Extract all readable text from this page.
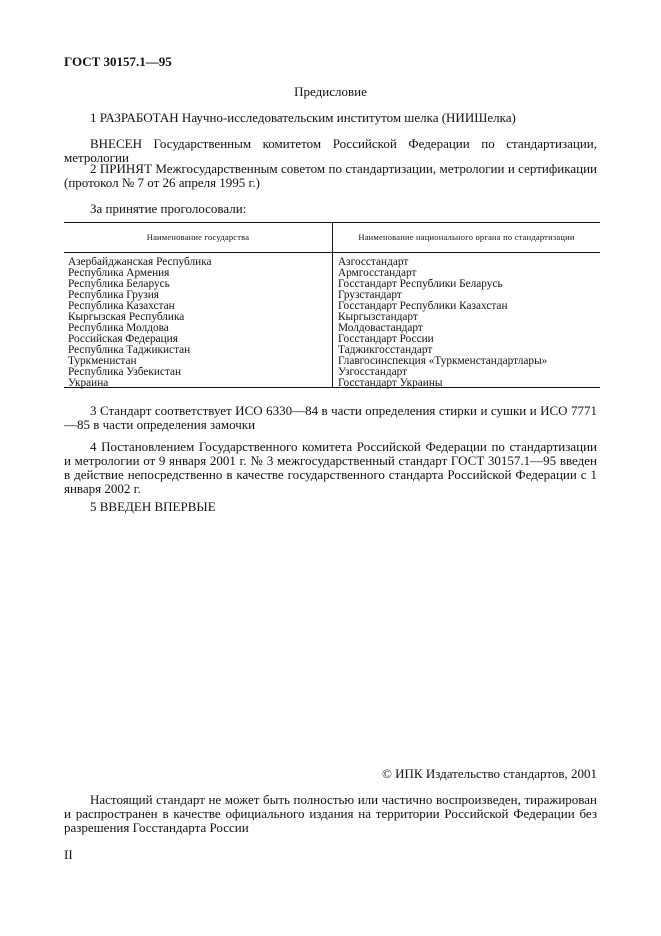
ГОСТ 30157.1—95
Предисловие
1 РАЗРАБОТАН Научно-исследовательским институтом шелка (НИИШелка)
ВНЕСЕН Государственным комитетом Российской Федерации по стандартизации, метрологии
2 ПРИНЯТ Межгосударственным советом по стандартизации, метрологии и сертификации (протокол № 7 от 26 апреля 1995 г.)
За принятие проголосовали:
Наименование государства	Наименование национального органа по стандартизации
Азербайджанская Республика
Республика Армения
Республика Беларусь
Республика Грузия
Республика Казахстан
Кыргызская Республика
Республика Молдова
Российская Федерация
Республика Таджикистан
Туркменистан
Республика Узбекистан
Украина
Азгосстандарт
Армгосстандарт
Госстандарт Республики Беларусь
Грузстандарт
Госстандарт Республики Казахстан
Кыргызстандарт
Молдовастандарт
Госстандарт России
Таджикгосстандарт
Главгосинспекция «Туркменстандартлары»
Узгосстандарт
Госстандарт Украины
3 Стандарт соответствует ИСО 6330—84 в части определения стирки и сушки и ИСО 7771—85 в части определения замочки
4 Постановлением Государственного комитета Российской Федерации по стандартизации и метрологии от 9 января 2001 г. № 3 межгосударственный стандарт ГОСТ 30157.1—95 введен в действие непосредственно в качестве государственного стандарта Российской Федерации с 1 января 2002 г.
5 ВВЕДЕН ВПЕРВЫЕ
© ИПК Издательство стандартов, 2001
Настоящий стандарт не может быть полностью или частично воспроизведен, тиражирован и распространен в качестве официального издания на территории Российской Федерации без разрешения Госстандарта России
II
